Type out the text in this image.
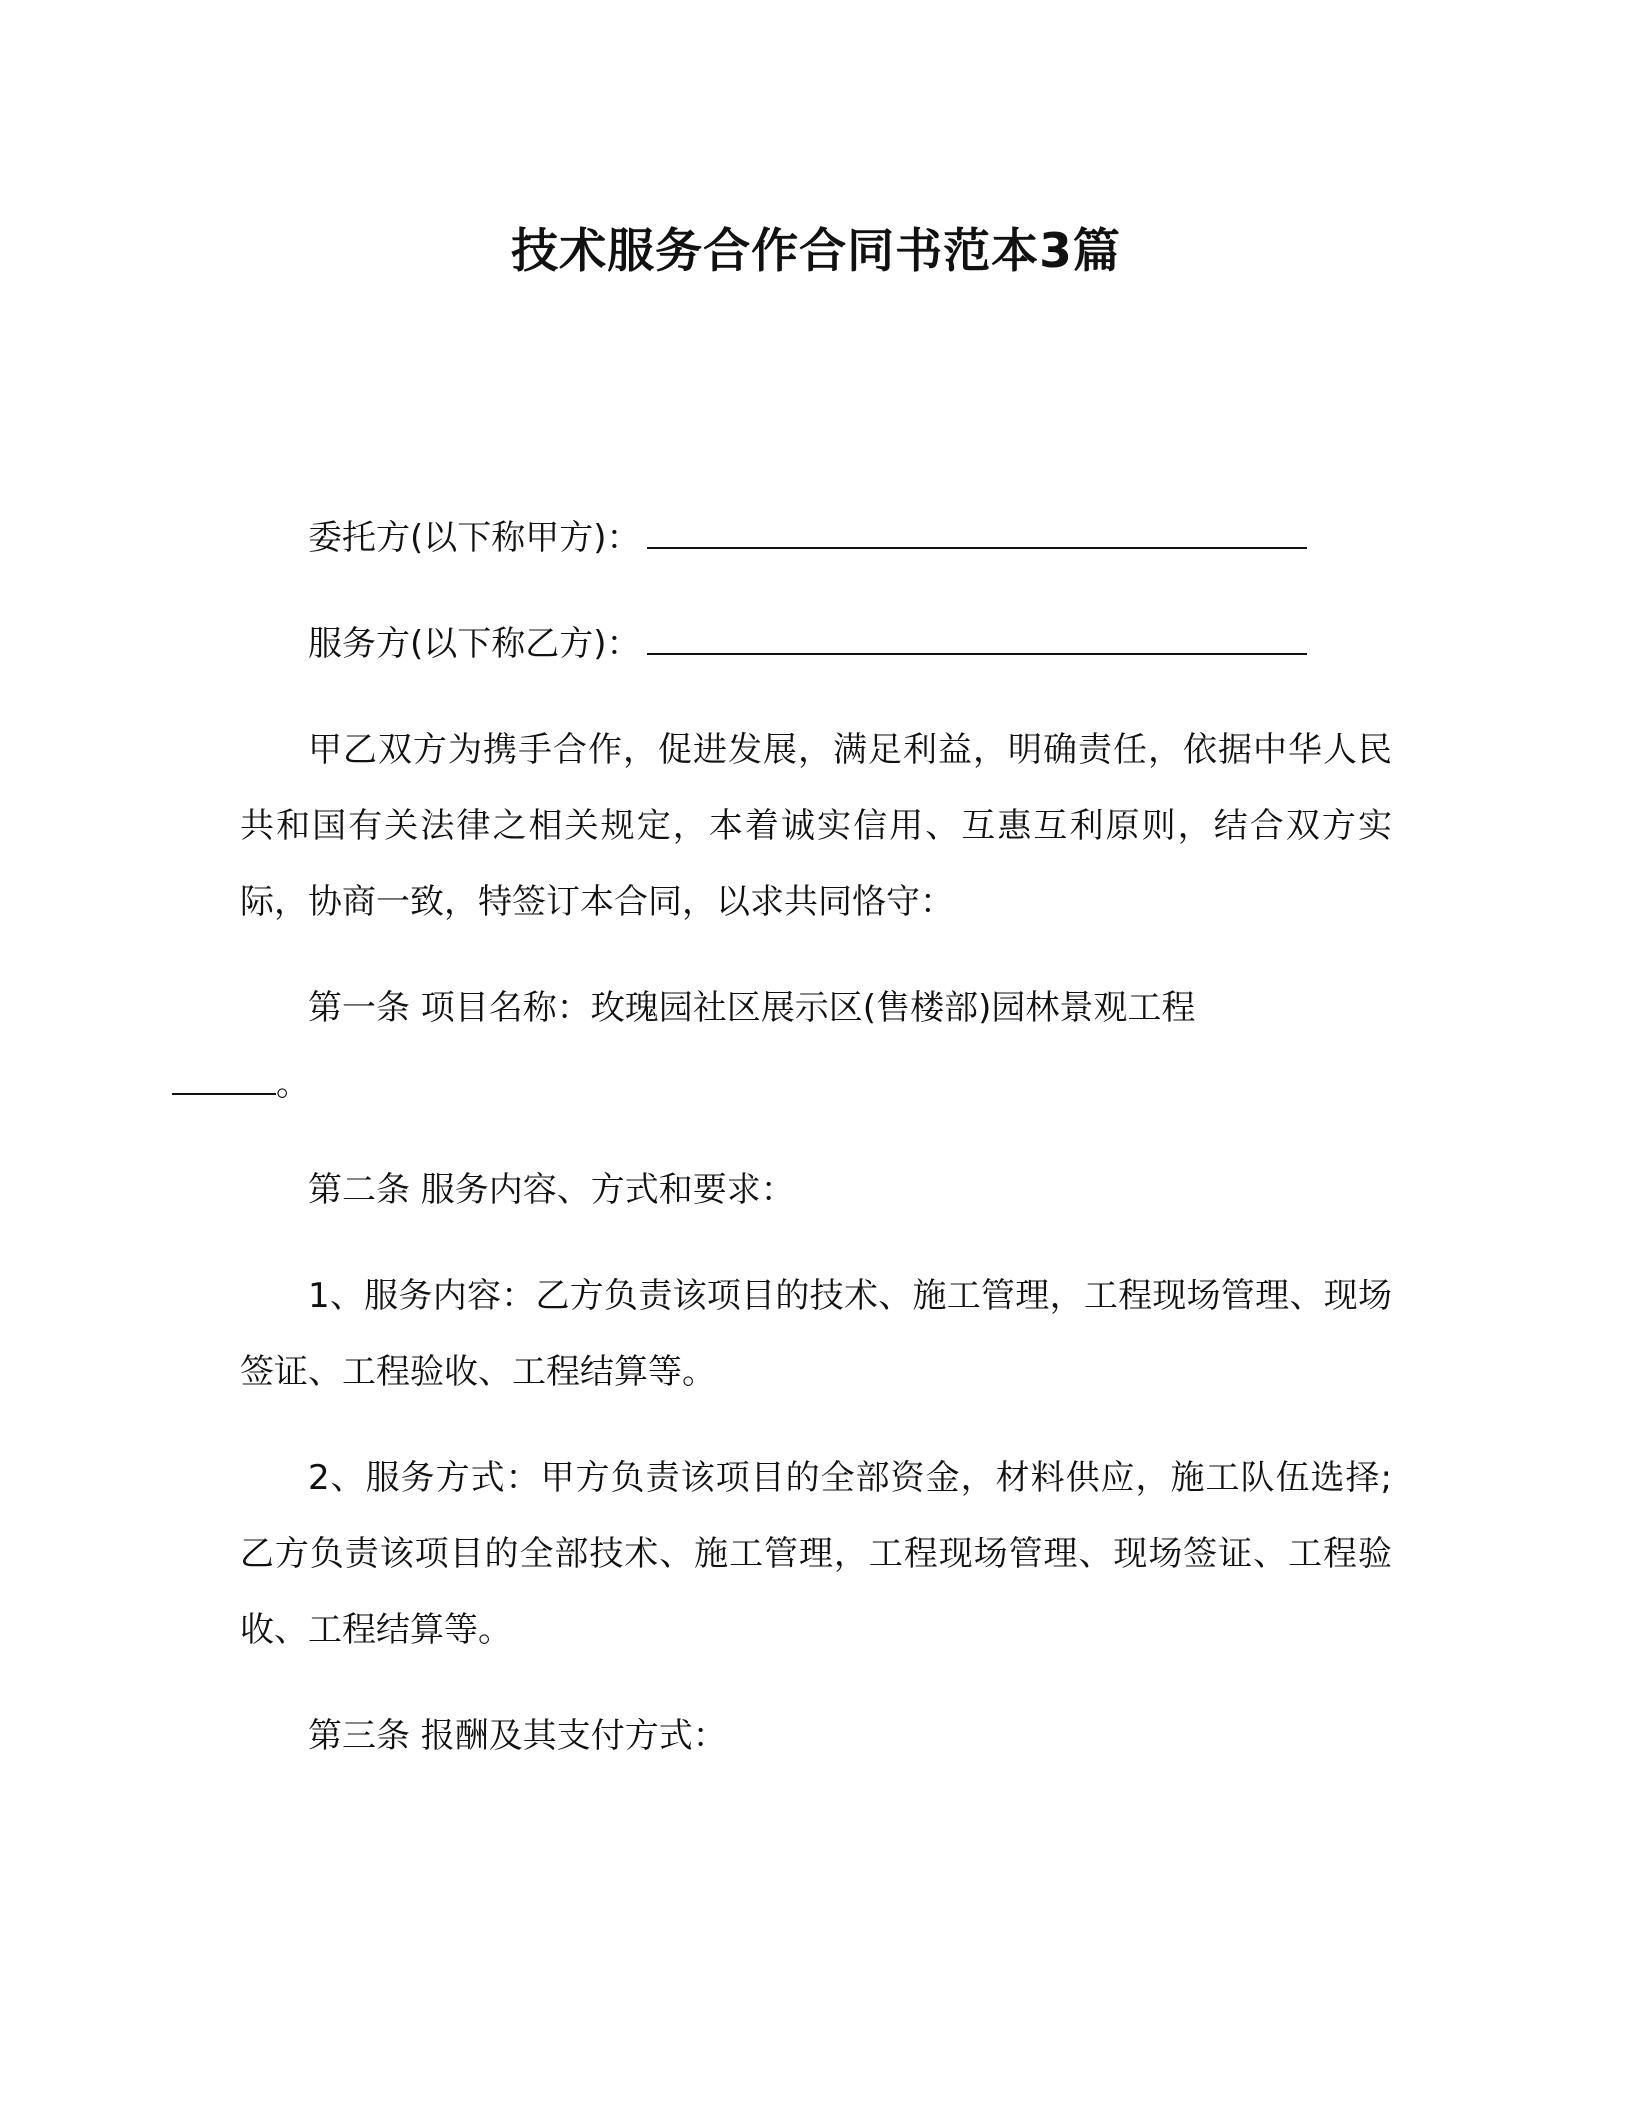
技术服务合作合同书范本3篇

委托方(以下称甲方)：

服务方(以下称乙方)：

甲乙双方为携手合作，促进发展，满足利益，明确责任，依据中华人民共和国有关法律之相关规定，本着诚实信用、互惠互利原则，结合双方实际，协商一致，特签订本合同，以求共同恪守：

第一条 项目名称：玫瑰园社区展示区(售楼部)园林景观工程
。

第二条 服务内容、方式和要求：

1、服务内容：乙方负责该项目的技术、施工管理，工程现场管理、现场签证、工程验收、工程结算等。

2、服务方式：甲方负责该项目的全部资金，材料供应，施工队伍选择;乙方负责该项目的全部技术、施工管理，工程现场管理、现场签证、工程验收、工程结算等。

第三条 报酬及其支付方式：
